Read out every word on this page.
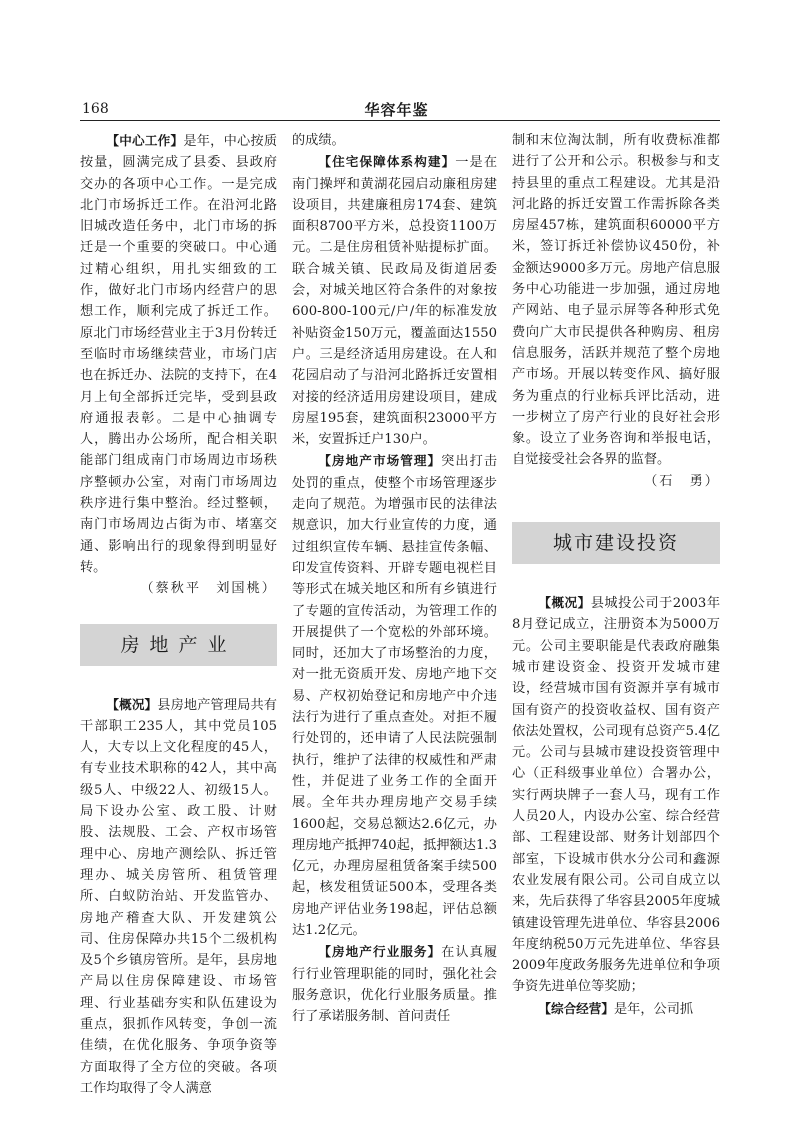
168	华容年鉴

【中心工作】是年，中心按质按量，圆满完成了县委、县政府交办的各项中心工作。一是完成北门市场拆迁工作。在沿河北路旧城改造任务中，北门市场的拆迁是一个重要的突破口。中心通过精心组织，用扎实细致的工作，做好北门市场内经营户的思想工作，顺利完成了拆迁工作。原北门市场经营业主于3月份转迁至临时市场继续营业，市场门店也在拆迁办、法院的支持下，在4月上旬全部拆迁完毕，受到县政府通报表彰。二是中心抽调专人，腾出办公场所，配合相关职能部门组成南门市场周边市场秩序整顿办公室，对南门市场周边秩序进行集中整治。经过整顿，南门市场周边占街为市、堵塞交通、影响出行的现象得到明显好转。

（蔡秋平　刘国桃）

房地产业

【概况】县房地产管理局共有干部职工235人，其中党员105人，大专以上文化程度的45人，有专业技术职称的42人，其中高级5人、中级22人、初级15人。局下设办公室、政工股、计财股、法规股、工会、产权市场管理中心、房地产测绘队、拆迁管理办、城关房管所、租赁管理所、白蚁防治站、开发监管办、房地产稽查大队、开发建筑公司、住房保障办共15个二级机构及5个乡镇房管所。是年，县房地产局以住房保障建设、市场管理、行业基础夯实和队伍建设为重点，狠抓作风转变，争创一流佳绩，在优化服务、争项争资等方面取得了全方位的突破。各项工作均取得了令人满意

的成绩。

【住宅保障体系构建】一是在南门操坪和黄湖花园启动廉租房建设项目，共建廉租房174套、建筑面积8700平方米，总投资1100万元。二是住房租赁补贴提标扩面。联合城关镇、民政局及街道居委会，对城关地区符合条件的对象按600-800-100元/户/年的标准发放补贴资金150万元，覆盖面达1550户。三是经济适用房建设。在人和花园启动了与沿河北路拆迁安置相对接的经济适用房建设项目，建成房屋195套，建筑面积23000平方米，安置拆迁户130户。

【房地产市场管理】突出打击处罚的重点，使整个市场管理逐步走向了规范。为增强市民的法律法规意识，加大行业宣传的力度，通过组织宣传车辆、悬挂宣传条幅、印发宣传资料、开辟专题电视栏目等形式在城关地区和所有乡镇进行了专题的宣传活动，为管理工作的开展提供了一个宽松的外部环境。同时，还加大了市场整治的力度，对一批无资质开发、房地产地下交易、产权初始登记和房地产中介违法行为进行了重点查处。对拒不履行处罚的，还申请了人民法院强制执行，维护了法律的权威性和严肃性，并促进了业务工作的全面开展。全年共办理房地产交易手续1600起，交易总额达2.6亿元，办理房地产抵押740起，抵押额达1.3亿元，办理房屋租赁备案手续500起，核发租赁证500本，受理各类房地产评估业务198起，评估总额达1.2亿元。

【房地产行业服务】在认真履行行业管理职能的同时，强化社会服务意识，优化行业服务质量。推行了承诺服务制、首问责任

制和末位淘汰制，所有收费标准都进行了公开和公示。积极参与和支持县里的重点工程建设。尤其是沿河北路的拆迁安置工作需拆除各类房屋457栋，建筑面积60000平方米，签订拆迁补偿协议450份，补金额达9000多万元。房地产信息服务中心功能进一步加强，通过房地产网站、电子显示屏等各种形式免费向广大市民提供各种购房、租房信息服务，活跃并规范了整个房地产市场。开展以转变作风、搞好服务为重点的行业标兵评比活动，进一步树立了房产行业的良好社会形象。设立了业务咨询和举报电话，自觉接受社会各界的监督。

（石　勇）

城市建设投资

【概况】县城投公司于2003年8月登记成立，注册资本为5000万元。公司主要职能是代表政府融集城市建设资金、投资开发城市建设，经营城市国有资源并享有城市国有资产的投资收益权、国有资产依法处置权，公司现有总资产5.4亿元。公司与县城市建设投资管理中心（正科级事业单位）合署办公，实行两块牌子一套人马，现有工作人员20人，内设办公室、综合经营部、工程建设部、财务计划部四个部室，下设城市供水分公司和鑫源农业发展有限公司。公司自成立以来，先后获得了华容县2005年度城镇建设管理先进单位、华容县2006年度纳税50万元先进单位、华容县2009年度政务服务先进单位和争项争资先进单位等奖励；

【综合经营】是年，公司抓
